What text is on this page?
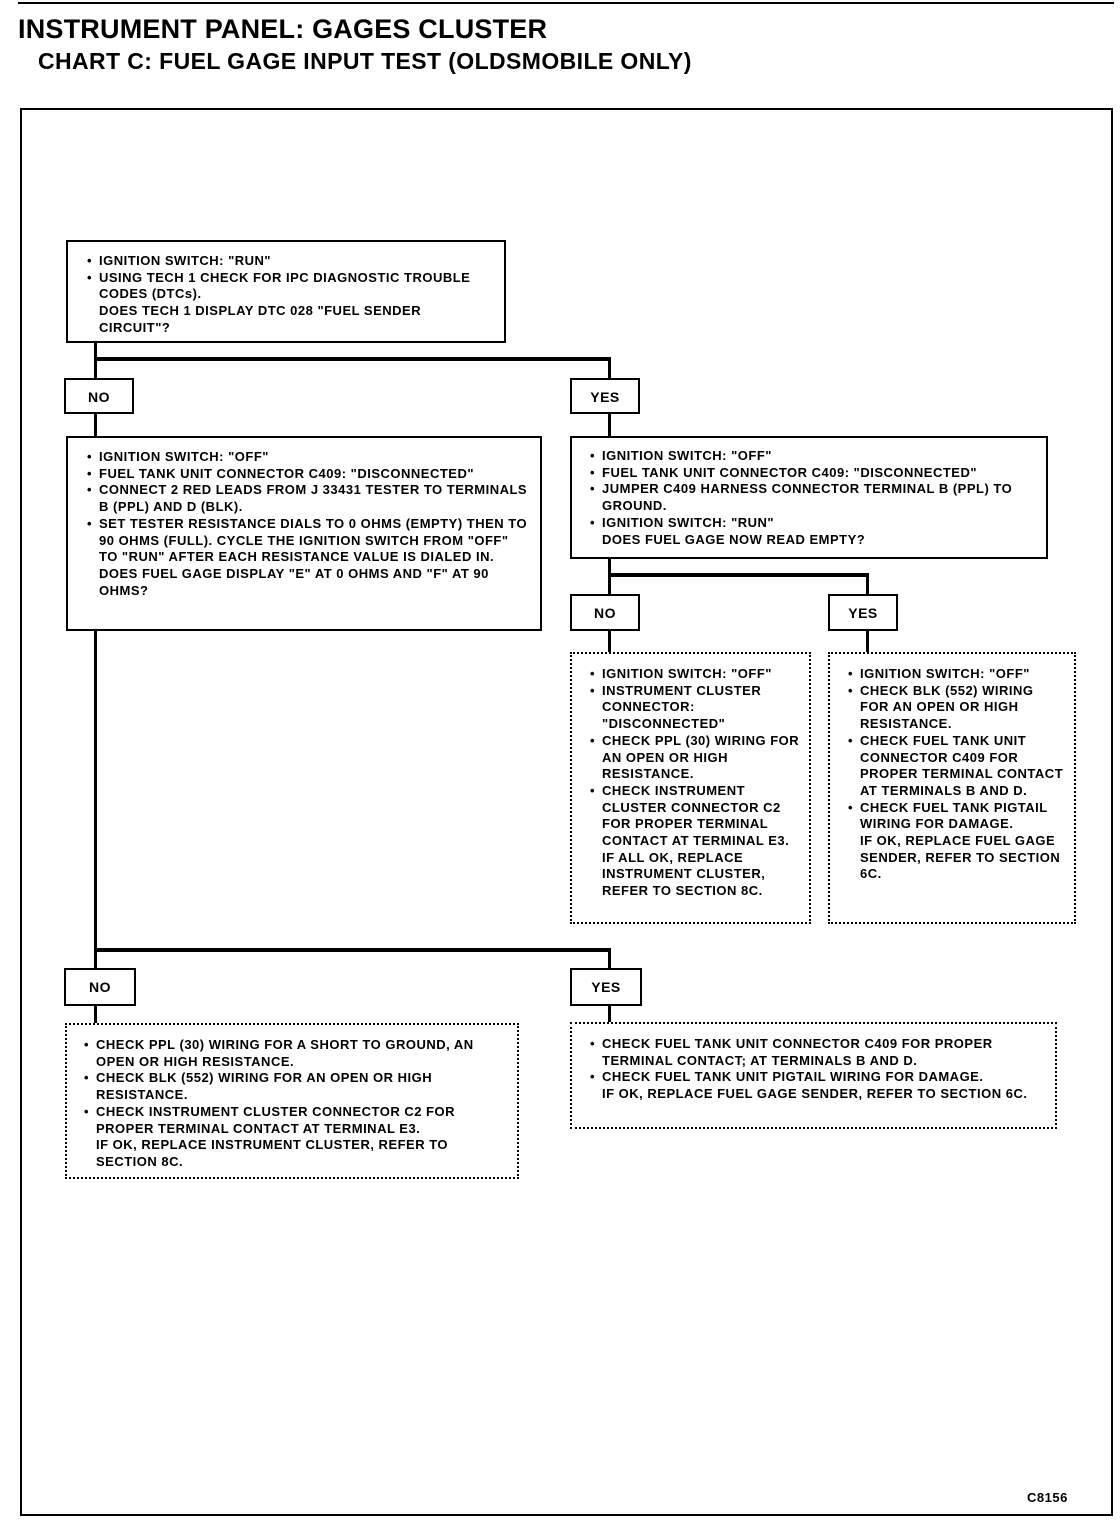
INSTRUMENT PANEL: GAGES CLUSTER
CHART C: FUEL GAGE INPUT TEST (OLDSMOBILE ONLY)
• IGNITION SWITCH: "RUN"
• USING TECH 1 CHECK FOR IPC DIAGNOSTIC TROUBLE CODES (DTCs).
DOES TECH 1 DISPLAY DTC 028 "FUEL SENDER CIRCUIT"?
NO	YES
• IGNITION SWITCH: "OFF"
• FUEL TANK UNIT CONNECTOR C409: "DISCONNECTED"
• CONNECT 2 RED LEADS FROM J 33431 TESTER TO TERMINALS B (PPL) AND D (BLK).
• SET TESTER RESISTANCE DIALS TO 0 OHMS (EMPTY) THEN TO 90 OHMS (FULL). CYCLE THE IGNITION SWITCH FROM "OFF" TO "RUN" AFTER EACH RESISTANCE VALUE IS DIALED IN.
DOES FUEL GAGE DISPLAY "E" AT 0 OHMS AND "F" AT 90 OHMS?
• IGNITION SWITCH: "OFF"
• FUEL TANK UNIT CONNECTOR C409: "DISCONNECTED"
• JUMPER C409 HARNESS CONNECTOR TERMINAL B (PPL) TO GROUND.
• IGNITION SWITCH: "RUN"
DOES FUEL GAGE NOW READ EMPTY?
NO	YES
• IGNITION SWITCH: "OFF"
• INSTRUMENT CLUSTER CONNECTOR: "DISCONNECTED"
• CHECK PPL (30) WIRING FOR AN OPEN OR HIGH RESISTANCE.
• CHECK INSTRUMENT CLUSTER CONNECTOR C2 FOR PROPER TERMINAL CONTACT AT TERMINAL E3.
IF ALL OK, REPLACE INSTRUMENT CLUSTER, REFER TO SECTION 8C.
• IGNITION SWITCH: "OFF"
• CHECK BLK (552) WIRING FOR AN OPEN OR HIGH RESISTANCE.
• CHECK FUEL TANK UNIT CONNECTOR C409 FOR PROPER TERMINAL CONTACT AT TERMINALS B AND D.
• CHECK FUEL TANK PIGTAIL WIRING FOR DAMAGE.
IF OK, REPLACE FUEL GAGE SENDER, REFER TO SECTION 6C.
NO	YES
• CHECK PPL (30) WIRING FOR A SHORT TO GROUND, AN OPEN OR HIGH RESISTANCE.
• CHECK BLK (552) WIRING FOR AN OPEN OR HIGH RESISTANCE.
• CHECK INSTRUMENT CLUSTER CONNECTOR C2 FOR PROPER TERMINAL CONTACT AT TERMINAL E3.
IF OK, REPLACE INSTRUMENT CLUSTER, REFER TO SECTION 8C.
• CHECK FUEL TANK UNIT CONNECTOR C409 FOR PROPER TERMINAL CONTACT; AT TERMINALS B AND D.
• CHECK FUEL TANK UNIT PIGTAIL WIRING FOR DAMAGE.
IF OK, REPLACE FUEL GAGE SENDER, REFER TO SECTION 6C.
C8156
